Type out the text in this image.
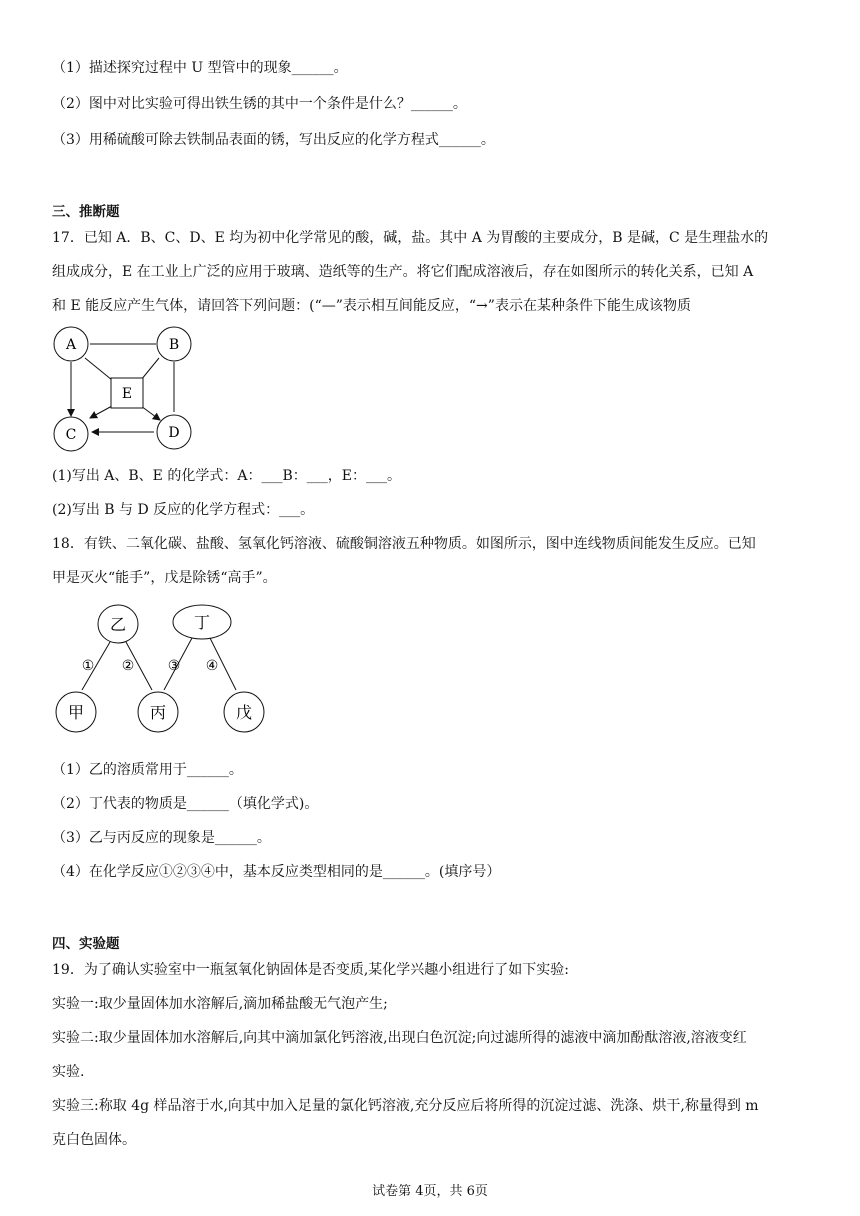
（1）描述探究过程中 U 型管中的现象______。
（2）图中对比实验可得出铁生锈的其中一个条件是什么？______。
（3）用稀硫酸可除去铁制品表面的锈，写出反应的化学方程式______。
三、推断题
17．已知 A．B、C、D、E 均为初中化学常见的酸，碱，盐。其中 A 为胃酸的主要成分，B 是碱，C 是生理盐水的
组成成分，E 在工业上广泛的应用于玻璃、造纸等的生产。将它们配成溶液后，存在如图所示的转化关系，已知 A
和 E 能反应产生气体，请回答下列问题：(“—”表示相互间能反应，“→”表示在某种条件下能生成该物质
A	B
E
C	D
(1)写出 A、B、E 的化学式：A：___B：___，E：___。
(2)写出 B 与 D 反应的化学方程式：___。
18．有铁、二氧化碳、盐酸、氢氧化钙溶液、硫酸铜溶液五种物质。如图所示，图中连线物质间能发生反应。已知
甲是灭火“能手”，戊是除锈“高手”。
乙	丁
甲	丙	戊
① ② ③ ④
（1）乙的溶质常用于______。
（2）丁代表的物质是______（填化学式)。
（3）乙与丙反应的现象是______。
（4）在化学反应①②③④中，基本反应类型相同的是______。(填序号）
四、实验题
19．为了确认实验室中一瓶氢氧化钠固体是否变质,某化学兴趣小组进行了如下实验:
实验一:取少量固体加水溶解后,滴加稀盐酸无气泡产生;
实验二:取少量固体加水溶解后,向其中滴加氯化钙溶液,出现白色沉淀;向过滤所得的滤液中滴加酚酞溶液,溶液变红
实验.
实验三:称取 4g 样品溶于水,向其中加入足量的氯化钙溶液,充分反应后将所得的沉淀过滤、洗涤、烘干,称量得到 m
克白色固体。
试卷第 4页，共 6页
